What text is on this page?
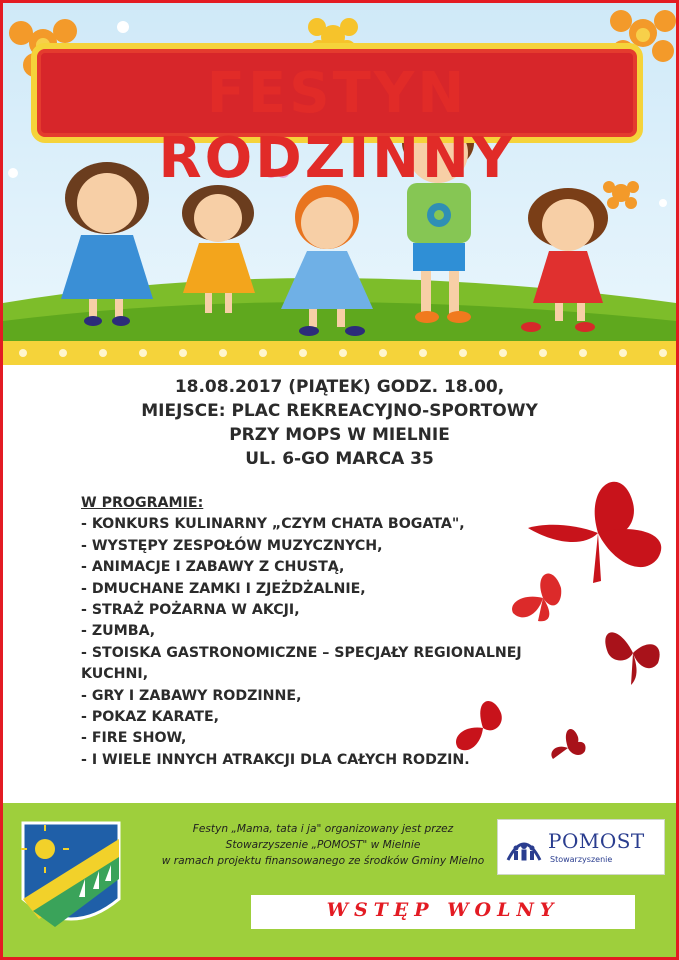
FESTYN RODZINNY
18.08.2017 (PIĄTEK) GODZ. 18.00,
MIEJSCE: PLAC REKREACYJNO-SPORTOWY
PRZY MOPS W MIELNIE
UL. 6-GO MARCA 35
W PROGRAMIE:
- KONKURS KULINARNY „CZYM CHATA BOGATA",
- WYSTĘPY ZESPOŁÓW MUZYCZNYCH,
- ANIMACJE I ZABAWY Z CHUSTĄ,
- DMUCHANE ZAMKI I ZJEŻDŻALNIE,
- STRAŻ POŻARNA W AKCJI,
- ZUMBA,
- STOISKA GASTRONOMICZNE – SPECJAŁY REGIONALNEJ
KUCHNI,
- GRY I ZABAWY RODZINNE,
- POKAZ KARATE,
- FIRE SHOW,
- I WIELE INNYCH ATRAKCJI DLA CAŁYCH RODZIN.
Festyn „Mama, tata i ja" organizowany jest przez
Stowarzyszenie „POMOST" w Mielnie
w ramach projektu finansowanego ze środków Gminy Mielno
POMOST
Stowarzyszenie
WSTĘP WOLNY
